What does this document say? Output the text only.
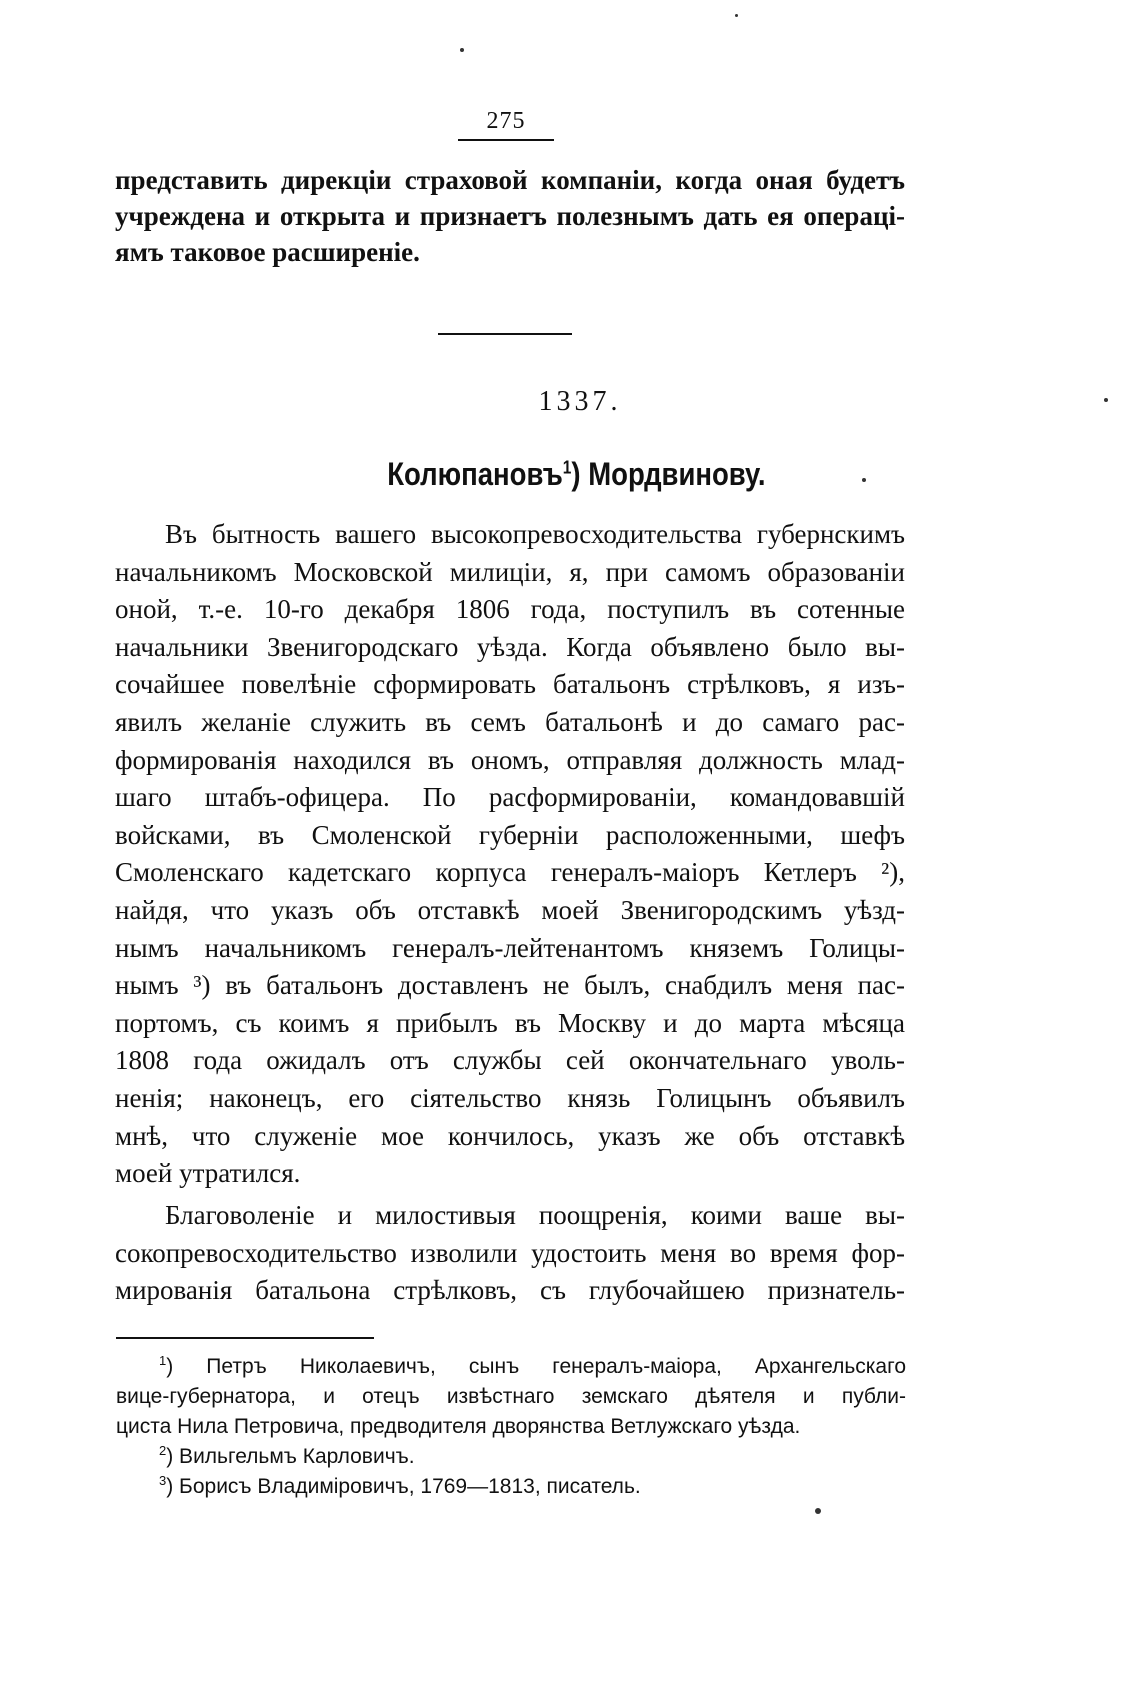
275
представить дирекціи страховой компаніи, когда оная будетъ
учреждена и открыта и признаетъ полезнымъ дать ея операці-
ямъ таковое расширеніе.
1337.
Колюпановъ$^1$) Мордвинову.
Въ бытность вашего высокопревосходительства губернскимъ
начальникомъ Московской милиціи, я, при самомъ образованіи
оной, т.-е. 10-го декабря 1806 года, поступилъ въ сотенные
начальники Звенигородскаго уѣзда. Когда объявлено было вы-
сочайшее повелѣніе сформировать батальонъ стрѣлковъ, я изъ-
явилъ желаніе служить въ семъ батальонѣ и до самаго рас-
формированія находился въ ономъ, отправляя должность млад-
шаго штабъ-офицера. По расформированіи, командовавшій
войсками, въ Смоленской губерніи расположенными, шефъ
Смоленскаго кадетскаго корпуса генералъ-маіоръ Кетлеръ ²),
найдя, что указъ объ отставкѣ моей Звенигородскимъ уѣзд-
нымъ начальникомъ генералъ-лейтенантомъ княземъ Голицы-
нымъ ³) въ батальонъ доставленъ не былъ, снабдилъ меня пас-
портомъ, съ коимъ я прибылъ въ Москву и до марта мѣсяца
1808 года ожидалъ отъ службы сей окончательнаго уволь-
ненія; наконецъ, его сіятельство князь Голицынъ объявилъ
мнѣ, что служеніе мое кончилось, указъ же объ отставкѣ
моей утратился.
Благоволеніе и милостивыя поощренія, коими ваше вы-
сокопревосходительство изволили удостоить меня во время фор-
мированія батальона стрѣлковъ, съ глубочайшею признатель-
$^1$) Петръ Николаевичъ, сынъ генералъ-маіора, Архангельскаго
вице-губернатора, и отецъ извѣстнаго земскаго дѣятеля и публи-
циста Нила Петровича, предводителя дворянства Ветлужскаго уѣзда.
$^2$) Вильгельмъ Карловичъ.
$^3$) Борисъ Владиміровичъ, 1769—1813, писатель.
